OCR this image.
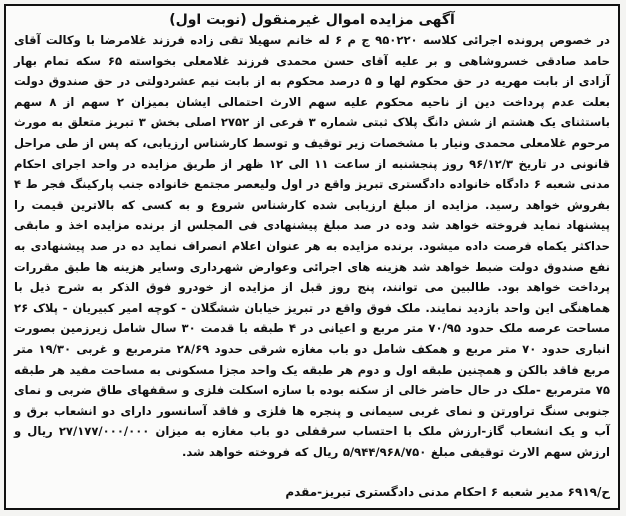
آگهی مزایده اموال غیرمنقول (نوبت اول)
در خصوص پرونده اجرائی کلاسه ۹۵۰۲۲۰ ج م ۶ له خانم سهیلا تقی زاده فرزند غلامرضا با وکالت آقای حامد صادقی خسروشاهی و بر علیه آقای حسن محمدی فرزند غلامعلی بخواسته ۶۵ سکه تمام بهار آزادی از بابت مهریه در حق محکوم لها و ۵ درصد محکوم به از بابت نیم عشردولتی در حق صندوق دولت بعلت عدم پرداخت دین از ناحیه محکوم علیه سهم الارث احتمالی ایشان بمیزان ۲ سهم از ۸ سهم باستثنای یک هشتم از شش دانگ پلاک ثبتی شماره ۳ فرعی از ۲۷۵۲ اصلی بخش ۳ تبریز متعلق به مورث مرحوم غلامعلی محمدی ونیار با مشخصات زیر توقیف و توسط کارشناس ارزیابی، که پس از طی مراحل قانونی در تاریخ ۹۶/۱۲/۳ روز پنجشنبه از ساعت ۱۱ الی ۱۲ ظهر از طریق مزایده در واحد اجرای احکام مدنی شعبه ۶ دادگاه خانواده دادگستری تبریز واقع در اول ولیعصر مجتمع خانواده جنب پارکینگ فجر ط ۴ بفروش خواهد رسید. مزایده از مبلغ ارزیابی شده کارشناس شروع و به کسی که بالاترین قیمت را پیشنهاد نماید فروخته خواهد شد وده در صد مبلغ پیشنهادی فی المجلس از برنده مزایده اخذ و مابقی حداکثر یکماه فرصت داده میشود. برنده مزایده به هر عنوان اعلام انصراف نماید ده در صد پیشنهادی به نفع صندوق دولت ضبط خواهد شد هزینه های اجرائی وعوارض شهرداری وسایر هزینه ها طبق مقررات پرداخت خواهد بود. طالبین می توانند، پنج روز قبل از مزایده از خودرو فوق الذکر به شرح ذیل با هماهنگی این واحد بازدید نمایند. ملک فوق واقع در تبریز خیابان ششگلان - کوچه امیر کبیریان - پلاک ۲۶ مساحت عرصه ملک حدود ۷۰/۹۵ متر مربع و اعیانی در ۴ طبقه با قدمت ۳۰ سال شامل زیرزمین بصورت انباری حدود ۷۰ متر مربع و همکف شامل دو باب مغازه شرقی حدود ۲۸/۶۹ مترمربع و غربی ۱۹/۳۰ متر مربع فاقد بالکن و همچنین طبقه اول و دوم هر طبقه یک واحد مجزا مسکونی به مساحت مفید هر طبقه ۷۵ مترمربع -ملک در حال حاضر خالی از سکنه بوده با سازه اسکلت فلزی و سقفهای طاق ضربی و نمای جنوبی سنگ تراورتن و نمای غربی سیمانی و پنجره ها فلزی و فاقد آسانسور دارای دو انشعاب برق و آب و یک انشعاب گاز-ارزش ملک با احتساب سرقفلی دو باب مغازه به میزان ۲۷/۱۷۷/۰۰۰/۰۰۰ ریال و ارزش سهم الارث توقیفی مبلغ ۵/۹۴۴/۹۶۸/۷۵۰ ریال که فروخته خواهد شد.
ح/۶۹۱۹ مدیر شعبه ۶ احکام مدنی دادگستری تبریز-مقدم
